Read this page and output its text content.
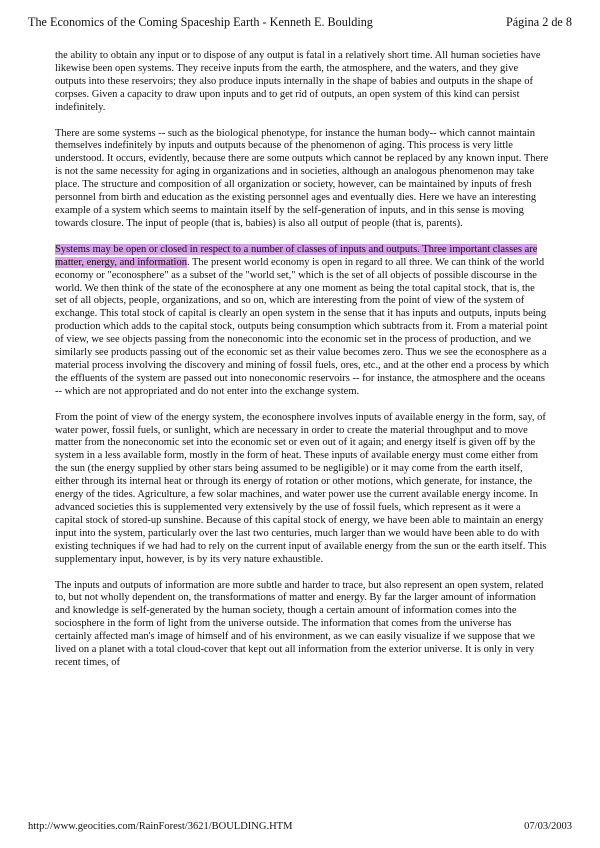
The Economics of the Coming Spaceship Earth - Kenneth E. Boulding	Página 2 de 8

the ability to obtain any input or to dispose of any output is fatal in a relatively short time. All human societies have likewise been open systems. They receive inputs from the earth, the atmosphere, and the waters, and they give outputs into these reservoirs; they also produce inputs internally in the shape of babies and outputs in the shape of corpses. Given a capacity to draw upon inputs and to get rid of outputs, an open system of this kind can persist indefinitely.

There are some systems -- such as the biological phenotype, for instance the human body-- which cannot maintain themselves indefinitely by inputs and outputs because of the phenomenon of aging. This process is very little understood. It occurs, evidently, because there are some outputs which cannot be replaced by any known input. There is not the same necessity for aging in organizations and in societies, although an analogous phenomenon may take place. The structure and composition of all organization or society, however, can be maintained by inputs of fresh personnel from birth and education as the existing personnel ages and eventually dies. Here we have an interesting example of a system which seems to maintain itself by the self-generation of inputs, and in this sense is moving towards closure. The input of people (that is, babies) is also all output of people (that is, parents).

Systems may be open or closed in respect to a number of classes of inputs and outputs. Three important classes are matter, energy, and information. The present world economy is open in regard to all three. We can think of the world economy or "econosphere" as a subset of the "world set," which is the set of all objects of possible discourse in the world. We then think of the state of the econosphere at any one moment as being the total capital stock, that is, the set of all objects, people, organizations, and so on, which are interesting from the point of view of the system of exchange. This total stock of capital is clearly an open system in the sense that it has inputs and outputs, inputs being production which adds to the capital stock, outputs being consumption which subtracts from it. From a material point of view, we see objects passing from the noneconomic into the economic set in the process of production, and we similarly see products passing out of the economic set as their value becomes zero. Thus we see the econosphere as a material process involving the discovery and mining of fossil fuels, ores, etc., and at the other end a process by which the effluents of the system are passed out into noneconomic reservoirs -- for instance, the atmosphere and the oceans -- which are not appropriated and do not enter into the exchange system.

From the point of view of the energy system, the econosphere involves inputs of available energy in the form, say, of water power, fossil fuels, or sunlight, which are necessary in order to create the material throughput and to move matter from the noneconomic set into the economic set or even out of it again; and energy itself is given off by the system in a less available form, mostly in the form of heat. These inputs of available energy must come either from the sun (the energy supplied by other stars being assumed to be negligible) or it may come from the earth itself, either through its internal heat or through its energy of rotation or other motions, which generate, for instance, the energy of the tides. Agriculture, a few solar machines, and water power use the current available energy income. In advanced societies this is supplemented very extensively by the use of fossil fuels, which represent as it were a capital stock of stored-up sunshine. Because of this capital stock of energy, we have been able to maintain an energy input into the system, particularly over the last two centuries, much larger than we would have been able to do with existing techniques if we had had to rely on the current input of available energy from the sun or the earth itself. This supplementary input, however, is by its very nature exhaustible.

The inputs and outputs of information are more subtle and harder to trace, but also represent an open system, related to, but not wholly dependent on, the transformations of matter and energy. By far the larger amount of information and knowledge is self-generated by the human society, though a certain amount of information comes into the sociosphere in the form of light from the universe outside. The information that comes from the universe has certainly affected man's image of himself and of his environment, as we can easily visualize if we suppose that we lived on a planet with a total cloud-cover that kept out all information from the exterior universe. It is only in very recent times, of

http://www.geocities.com/RainForest/3621/BOULDING.HTM	07/03/2003
